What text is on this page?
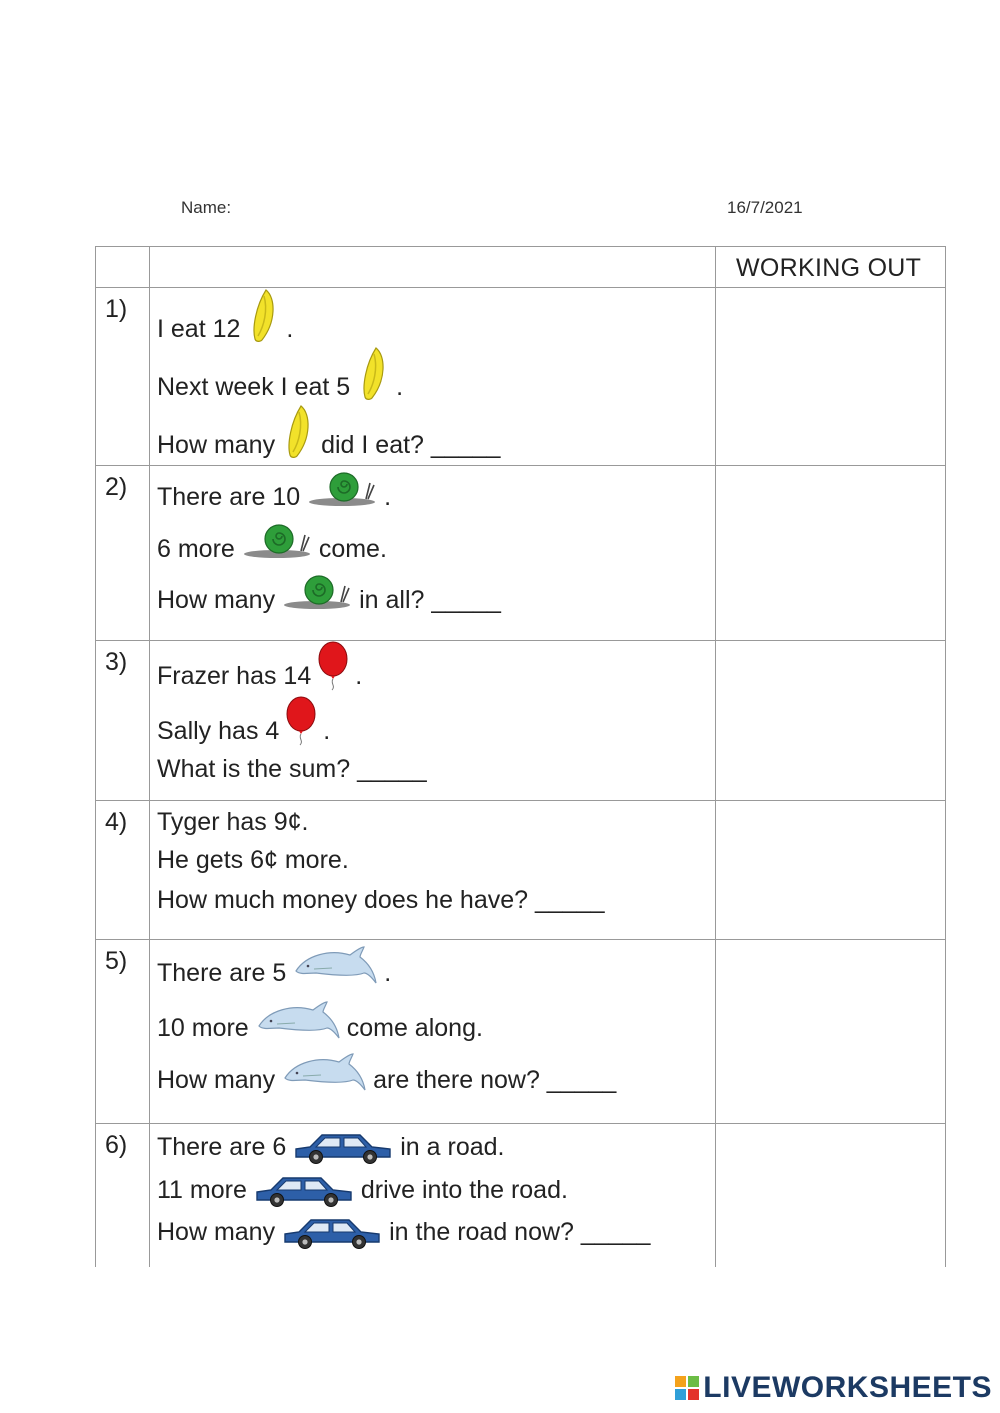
Name:	16/7/2021
WORKING OUT
1)
I eat 12 .
Next week I eat 5 .
How many did I eat? _____
2) There are 10	.
6 more	come.
How many	in all? _____
3) Frazer has 14 .
Sally has 4 .
What is the sum? _____
4) Tyger has 9¢.
He gets 6¢ more.
How much money does he have? _____
5) There are 5	.
10 more	come along.
How many	are there now? _____
6) There are 6	in a road.
11 more	drive into the road.
How many	in the road now? _____
LIVEWORKSHEETS
